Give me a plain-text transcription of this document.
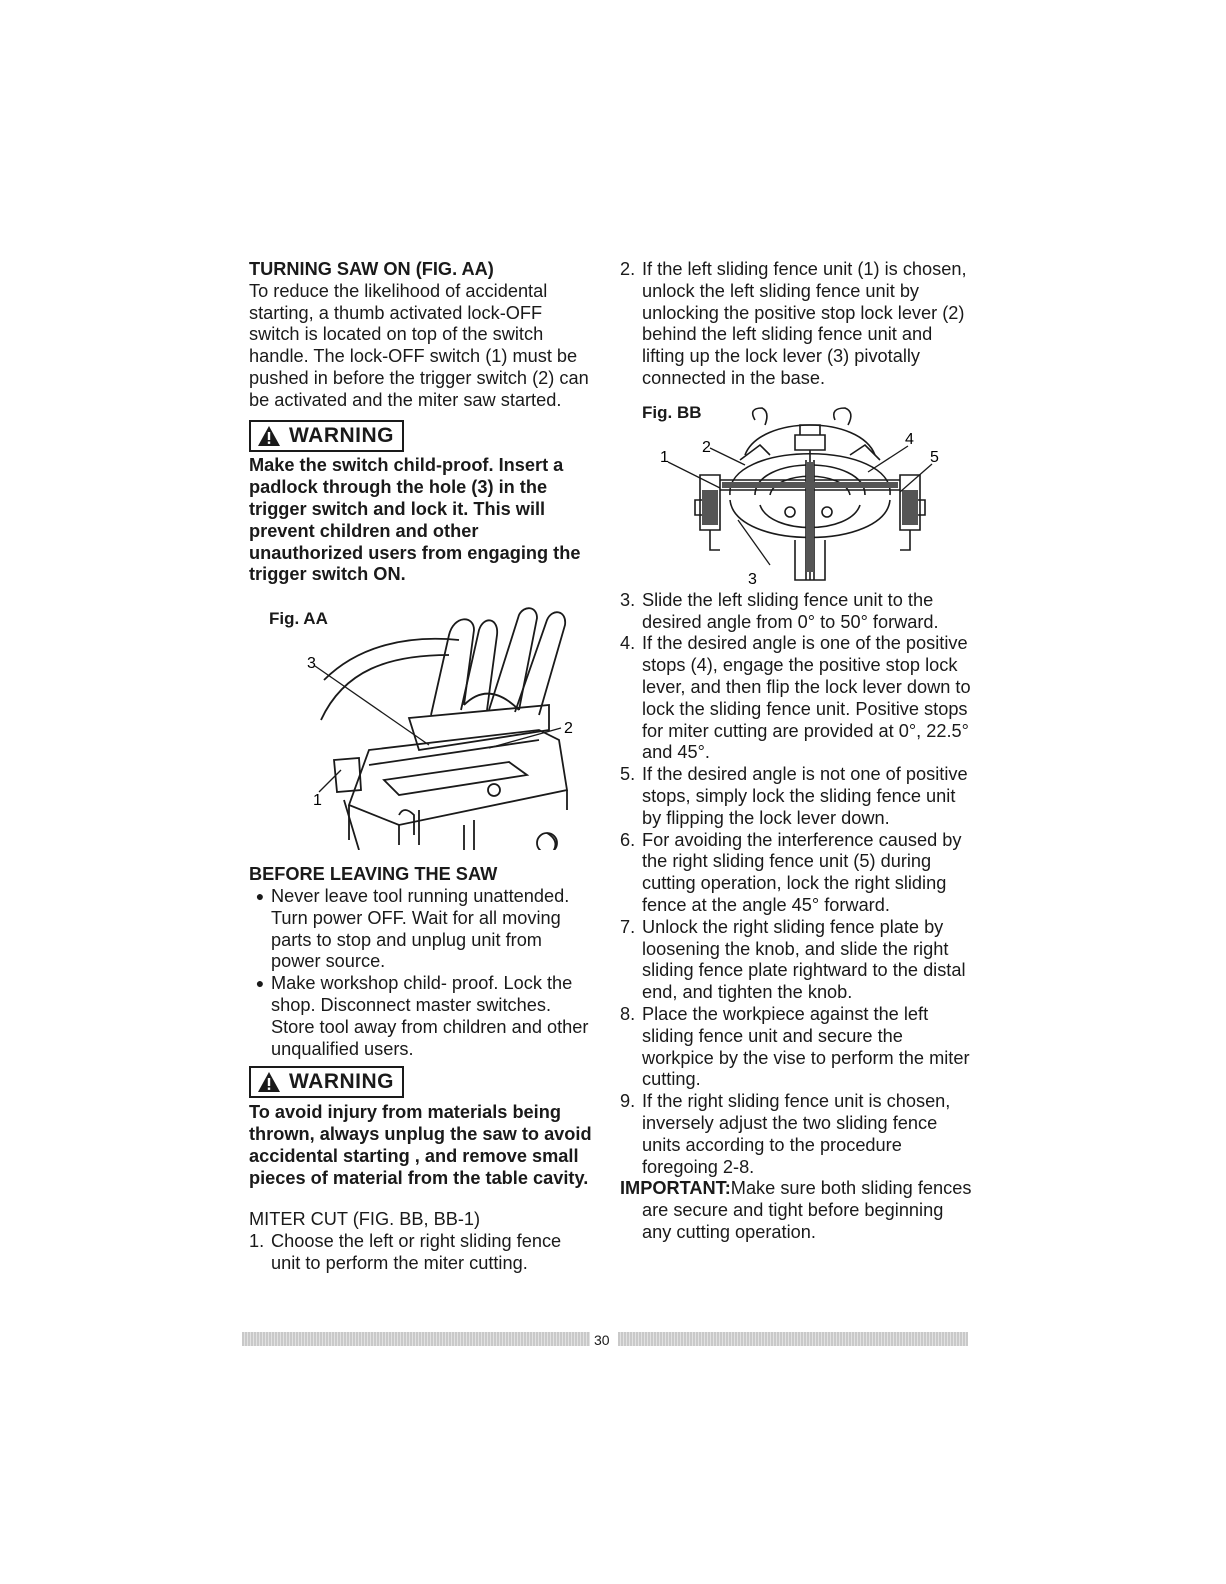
TURNING SAW ON (FIG. AA)

To reduce the likelihood of accidental starting, a thumb activated lock-OFF switch is located on top of the switch handle. The lock-OFF switch (1) must be pushed in before the trigger switch (2) can be activated and the miter saw started.

WARNING

Make the switch child-proof. Insert a padlock through the hole (3) in the trigger switch and lock it. This will prevent children and other unauthorized users from engaging the trigger switch ON.

Fig. AA
3
2
1

BEFORE LEAVING THE SAW

● Never leave tool running unattended. Turn power OFF. Wait for all moving parts to stop and unplug unit from power source.
● Make workshop child- proof. Lock the shop. Disconnect master switches. Store tool away from children and other unqualified users.
WARNING

To avoid injury from materials being thrown, always unplug the saw to avoid accidental starting , and remove small pieces of material from the table cavity.

MITER CUT (FIG. BB, BB-1)

1. Choose the left or right sliding fence unit to perform the miter cutting.
2. If the left sliding fence unit (1) is chosen, unlock the left sliding fence unit by unlocking the positive stop lock lever (2) behind the left sliding fence unit and lifting up the lock lever (3) pivotally connected in the base.
Fig. BB
1
2
3
4
5
3. Slide the left sliding fence unit to the desired angle from 0° to 50° forward.
4. If the desired angle is one of the positive stops (4), engage the positive stop lock lever, and then flip the lock lever down to lock the sliding fence unit. Positive stops for miter cutting are provided at 0°, 22.5° and 45°.
5. If the desired angle is not one of positive stops, simply lock the sliding fence unit by flipping the lock lever down.
6. For avoiding the interference caused by the right sliding fence unit (5) during cutting operation, lock the right sliding fence at the angle 45° forward.
7. Unlock the right sliding fence plate by loosening the knob, and slide the right sliding fence plate rightward to the distal end, and tighten the knob.
8. Place the workpiece against the left sliding fence unit and secure the workpice by the vise to perform the miter cutting.
9. If the right sliding fence unit is chosen, inversely adjust the two sliding fence units according to the procedure foregoing 2-8.

IMPORTANT:Make sure both sliding fences are secure and tight before beginning any cutting operation.

30
